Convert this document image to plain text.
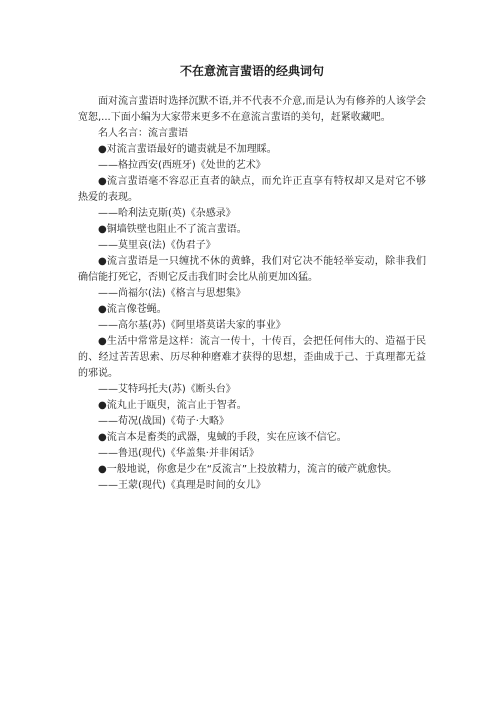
不在意流言蜚语的经典词句

面对流言蜚语时选择沉默不语,并不代表不介意,而是认为有修养的人该学会宽恕,...下面小编为大家带来更多不在意流言蜚语的美句，赶紧收藏吧。

名人名言：流言蜚语

●对流言蜚语最好的谴责就是不加理睬。

——格拉西安(西班牙)《处世的艺术》

●流言蜚语毫不容忍正直者的缺点，而允许正直享有特权却又是对它不够热爱的表现。

——哈利法克斯(英)《杂感录》

●铜墙铁壁也阻止不了流言蜚语。

——莫里哀(法)《伪君子》

●流言蜚语是一只缠扰不休的黄蜂，我们对它决不能轻举妄动，除非我们确信能打死它，否则它反击我们时会比从前更加凶猛。

——尚福尔(法)《格言与思想集》

●流言像苍蝇。

——高尔基(苏)《阿里塔莫诺夫家的事业》

●生活中常常是这样：流言一传十，十传百，会把任何伟大的、造福于民的、经过苦苦思索、历尽种种磨难才获得的思想，歪曲成于己、于真理都无益的邪说。

——艾特玛托夫(苏)《断头台》

●流丸止于瓯臾，流言止于智者。

——荀况(战国)《荀子·大略》

●流言本是畜类的武器，鬼蜮的手段，实在应该不信它。

——鲁迅(现代)《华盖集·并非闲话》

●一般地说，你愈是少在“反流言”上投放精力，流言的破产就愈快。

——王蒙(现代)《真理是时间的女儿》
